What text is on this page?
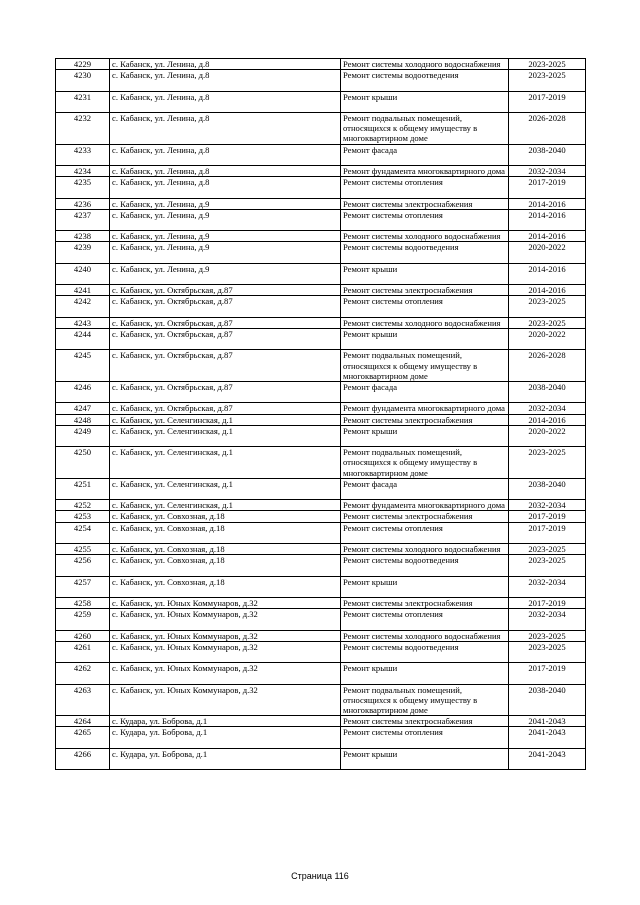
4229	с. Кабанск, ул. Ленина, д.8	Ремонт системы холодного водоснабжения	2023-2025
4230	с. Кабанск, ул. Ленина, д.8	Ремонт системы водоотведения	2023-2025
4231	с. Кабанск, ул. Ленина, д.8	Ремонт крыши	2017-2019
4232	с. Кабанск, ул. Ленина, д.8	Ремонт подвальных помещений, относящихся к общему имуществу в многоквартирном доме	2026-2028
4233	с. Кабанск, ул. Ленина, д.8	Ремонт фасада	2038-2040
4234	с. Кабанск, ул. Ленина, д.8	Ремонт фундамента многоквартирного дома	2032-2034
4235	с. Кабанск, ул. Ленина, д.8	Ремонт системы отопления	2017-2019
4236	с. Кабанск, ул. Ленина, д.9	Ремонт системы электроснабжения	2014-2016
4237	с. Кабанск, ул. Ленина, д.9	Ремонт системы отопления	2014-2016
4238	с. Кабанск, ул. Ленина, д.9	Ремонт системы холодного водоснабжения	2014-2016
4239	с. Кабанск, ул. Ленина, д.9	Ремонт системы водоотведения	2020-2022
4240	с. Кабанск, ул. Ленина, д.9	Ремонт крыши	2014-2016
4241	с. Кабанск, ул. Октябрьская, д.87	Ремонт системы электроснабжения	2014-2016
4242	с. Кабанск, ул. Октябрьская, д.87	Ремонт системы отопления	2023-2025
4243	с. Кабанск, ул. Октябрьская, д.87	Ремонт системы холодного водоснабжения	2023-2025
4244	с. Кабанск, ул. Октябрьская, д.87	Ремонт крыши	2020-2022
4245	с. Кабанск, ул. Октябрьская, д.87	Ремонт подвальных помещений, относящихся к общему имуществу в многоквартирном доме	2026-2028
4246	с. Кабанск, ул. Октябрьская, д.87	Ремонт фасада	2038-2040
4247	с. Кабанск, ул. Октябрьская, д.87	Ремонт фундамента многоквартирного дома	2032-2034
4248	с. Кабанск, ул. Селенгинская, д.1	Ремонт системы электроснабжения	2014-2016
4249	с. Кабанск, ул. Селенгинская, д.1	Ремонт крыши	2020-2022
4250	с. Кабанск, ул. Селенгинская, д.1	Ремонт подвальных помещений, относящихся к общему имуществу в многоквартирном доме	2023-2025
4251	с. Кабанск, ул. Селенгинская, д.1	Ремонт фасада	2038-2040
4252	с. Кабанск, ул. Селенгинская, д.1	Ремонт фундамента многоквартирного дома	2032-2034
4253	с. Кабанск, ул. Совхозная, д.18	Ремонт системы электроснабжения	2017-2019
4254	с. Кабанск, ул. Совхозная, д.18	Ремонт системы отопления	2017-2019
4255	с. Кабанск, ул. Совхозная, д.18	Ремонт системы холодного водоснабжения	2023-2025
4256	с. Кабанск, ул. Совхозная, д.18	Ремонт системы водоотведения	2023-2025
4257	с. Кабанск, ул. Совхозная, д.18	Ремонт крыши	2032-2034
4258	с. Кабанск, ул. Юных Коммунаров, д.32	Ремонт системы электроснабжения	2017-2019
4259	с. Кабанск, ул. Юных Коммунаров, д.32	Ремонт системы отопления	2032-2034
4260	с. Кабанск, ул. Юных Коммунаров, д.32	Ремонт системы холодного водоснабжения	2023-2025
4261	с. Кабанск, ул. Юных Коммунаров, д.32	Ремонт системы водоотведения	2023-2025
4262	с. Кабанск, ул. Юных Коммунаров, д.32	Ремонт крыши	2017-2019
4263	с. Кабанск, ул. Юных Коммунаров, д.32	Ремонт подвальных помещений, относящихся к общему имуществу в многоквартирном доме	2038-2040
4264	с. Кудара, ул. Боброва, д.1	Ремонт системы электроснабжения	2041-2043
4265	с. Кудара, ул. Боброва, д.1	Ремонт системы отопления	2041-2043
4266	с. Кудара, ул. Боброва, д.1	Ремонт крыши	2041-2043
Страница 116
